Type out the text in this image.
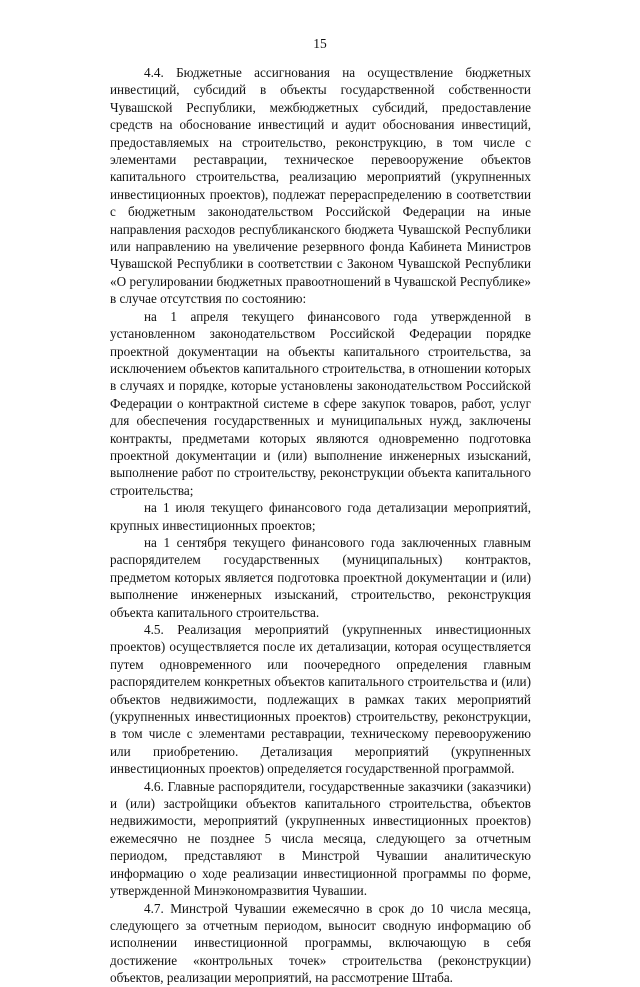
15

4.4. Бюджетные ассигнования на осуществление бюджетных инвестиций, субсидий в объекты государственной собственности Чувашской Республики, межбюджетных субсидий, предоставление средств на обоснование инвестиций и аудит обоснования инвестиций, предоставляемых на строительство, реконструкцию, в том числе с элементами реставрации, техническое перевооружение объектов капитального строительства, реализацию мероприятий (укрупненных инвестиционных проектов), подлежат перераспределению в соответствии с бюджетным законодательством Российской Федерации на иные направления расходов республиканского бюджета Чувашской Республики или направлению на увеличение резервного фонда Кабинета Министров Чувашской Республики в соответствии с Законом Чувашской Республики «О регулировании бюджетных правоотношений в Чувашской Республике» в случае отсутствия по состоянию:

на 1 апреля текущего финансового года утвержденной в установленном законодательством Российской Федерации порядке проектной документации на объекты капитального строительства, за исключением объектов капитального строительства, в отношении которых в случаях и порядке, которые установлены законодательством Российской Федерации о контрактной системе в сфере закупок товаров, работ, услуг для обеспечения государственных и муниципальных нужд, заключены контракты, предметами которых являются одновременно подготовка проектной документации и (или) выполнение инженерных изысканий, выполнение работ по строительству, реконструкции объекта капитального строительства;

на 1 июля текущего финансового года детализации мероприятий, крупных инвестиционных проектов;

на 1 сентября текущего финансового года заключенных главным распорядителем государственных (муниципальных) контрактов, предметом которых является подготовка проектной документации и (или) выполнение инженерных изысканий, строительство, реконструкция объекта капитального строительства.

4.5. Реализация мероприятий (укрупненных инвестиционных проектов) осуществляется после их детализации, которая осуществляется путем одновременного или поочередного определения главным распорядителем конкретных объектов капитального строительства и (или) объектов недвижимости, подлежащих в рамках таких мероприятий (укрупненных инвестиционных проектов) строительству, реконструкции, в том числе с элементами реставрации, техническому перевооружению или приобретению. Детализация мероприятий (укрупненных инвестиционных проектов) определяется государственной программой.

4.6. Главные распорядители, государственные заказчики (заказчики) и (или) застройщики объектов капитального строительства, объектов недвижимости, мероприятий (укрупненных инвестиционных проектов) ежемесячно не позднее 5 числа месяца, следующего за отчетным периодом, представляют в Минстрой Чувашии аналитическую информацию о ходе реализации инвестиционной программы по форме, утвержденной Минэкономразвития Чувашии.

4.7. Минстрой Чувашии ежемесячно в срок до 10 числа месяца, следующего за отчетным периодом, выносит сводную информацию об исполнении инвестиционной программы, включающую в себя достижение «контрольных точек» строительства (реконструкции) объектов, реализации мероприятий, на рассмотрение Штаба.
